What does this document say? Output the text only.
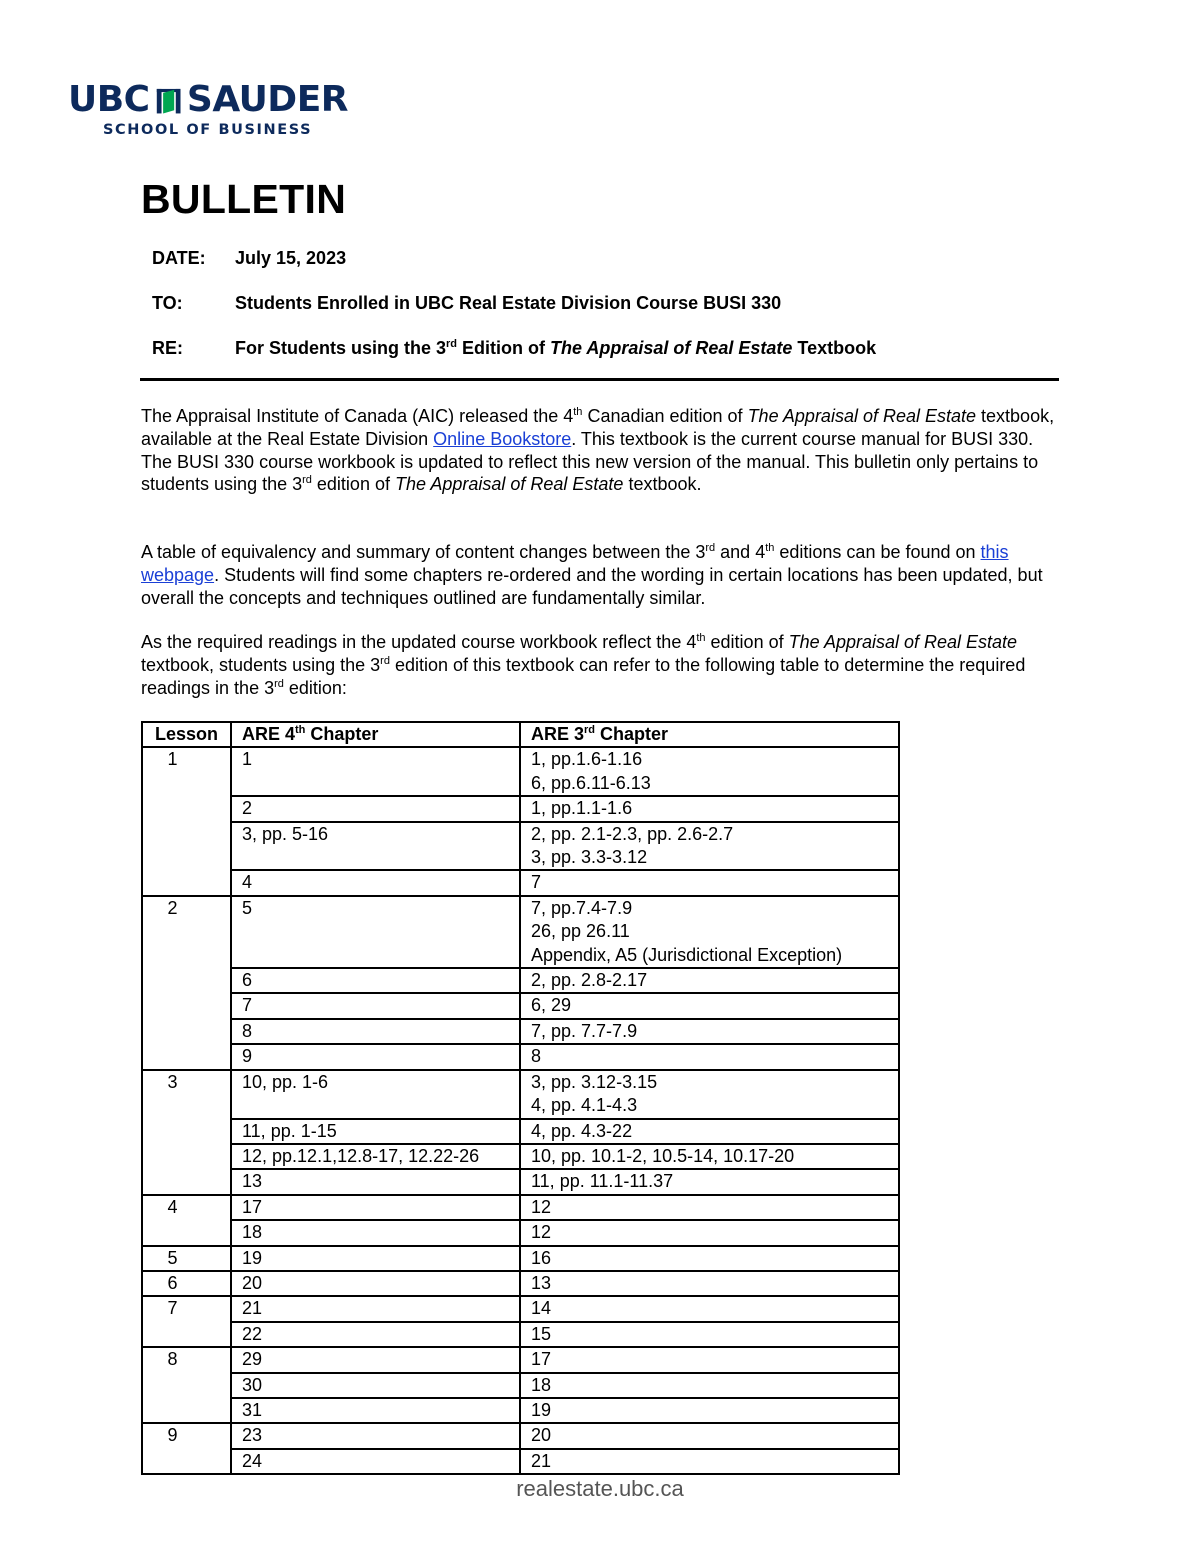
UBC SAUDER
SCHOOL OF BUSINESS
BULLETIN
DATE:	July 15, 2023
TO:	Students Enrolled in UBC Real Estate Division Course BUSI 330
RE:	For Students using the 3rd Edition of The Appraisal of Real Estate Textbook
The Appraisal Institute of Canada (AIC) released the 4th Canadian edition of The Appraisal of Real Estate textbook, available at the Real Estate Division Online Bookstore. This textbook is the current course manual for BUSI 330. The BUSI 330 course workbook is updated to reflect this new version of the manual. This bulletin only pertains to students using the 3rd edition of The Appraisal of Real Estate textbook.
A table of equivalency and summary of content changes between the 3rd and 4th editions can be found on this webpage. Students will find some chapters re-ordered and the wording in certain locations has been updated, but overall the concepts and techniques outlined are fundamentally similar.
As the required readings in the updated course workbook reflect the 4th edition of The Appraisal of Real Estate textbook, students using the 3rd edition of this textbook can refer to the following table to determine the required readings in the 3rd edition:
Lesson	ARE 4th Chapter	ARE 3rd Chapter
1	1	1, pp.1.6-1.16
6, pp.6.11-6.13

	2	1, pp.1.1-1.6

	3, pp. 5-16	2, pp. 2.1-2.3, pp. 2.6-2.7
3, pp. 3.3-3.12

	4	7

2	5	7, pp.7.4-7.9
26, pp 26.11
Appendix, A5 (Jurisdictional Exception)

	6	2, pp. 2.8-2.17

	7	6, 29

	8	7, pp. 7.7-7.9

	9	8

3	10, pp. 1-6	3, pp. 3.12-3.15
4, pp. 4.1-4.3

	11, pp. 1-15	4, pp. 4.3-22

	12, pp.12.1,12.8-17, 12.22-26	10, pp. 10.1-2, 10.5-14, 10.17-20

	13	11, pp. 11.1-11.37

4	17	12

	18	12

5	19	16

6	20	13

7	21	14

	22	15

8	29	17

	30	18

	31	19

9	23	20

	24	21
realestate.ubc.ca
